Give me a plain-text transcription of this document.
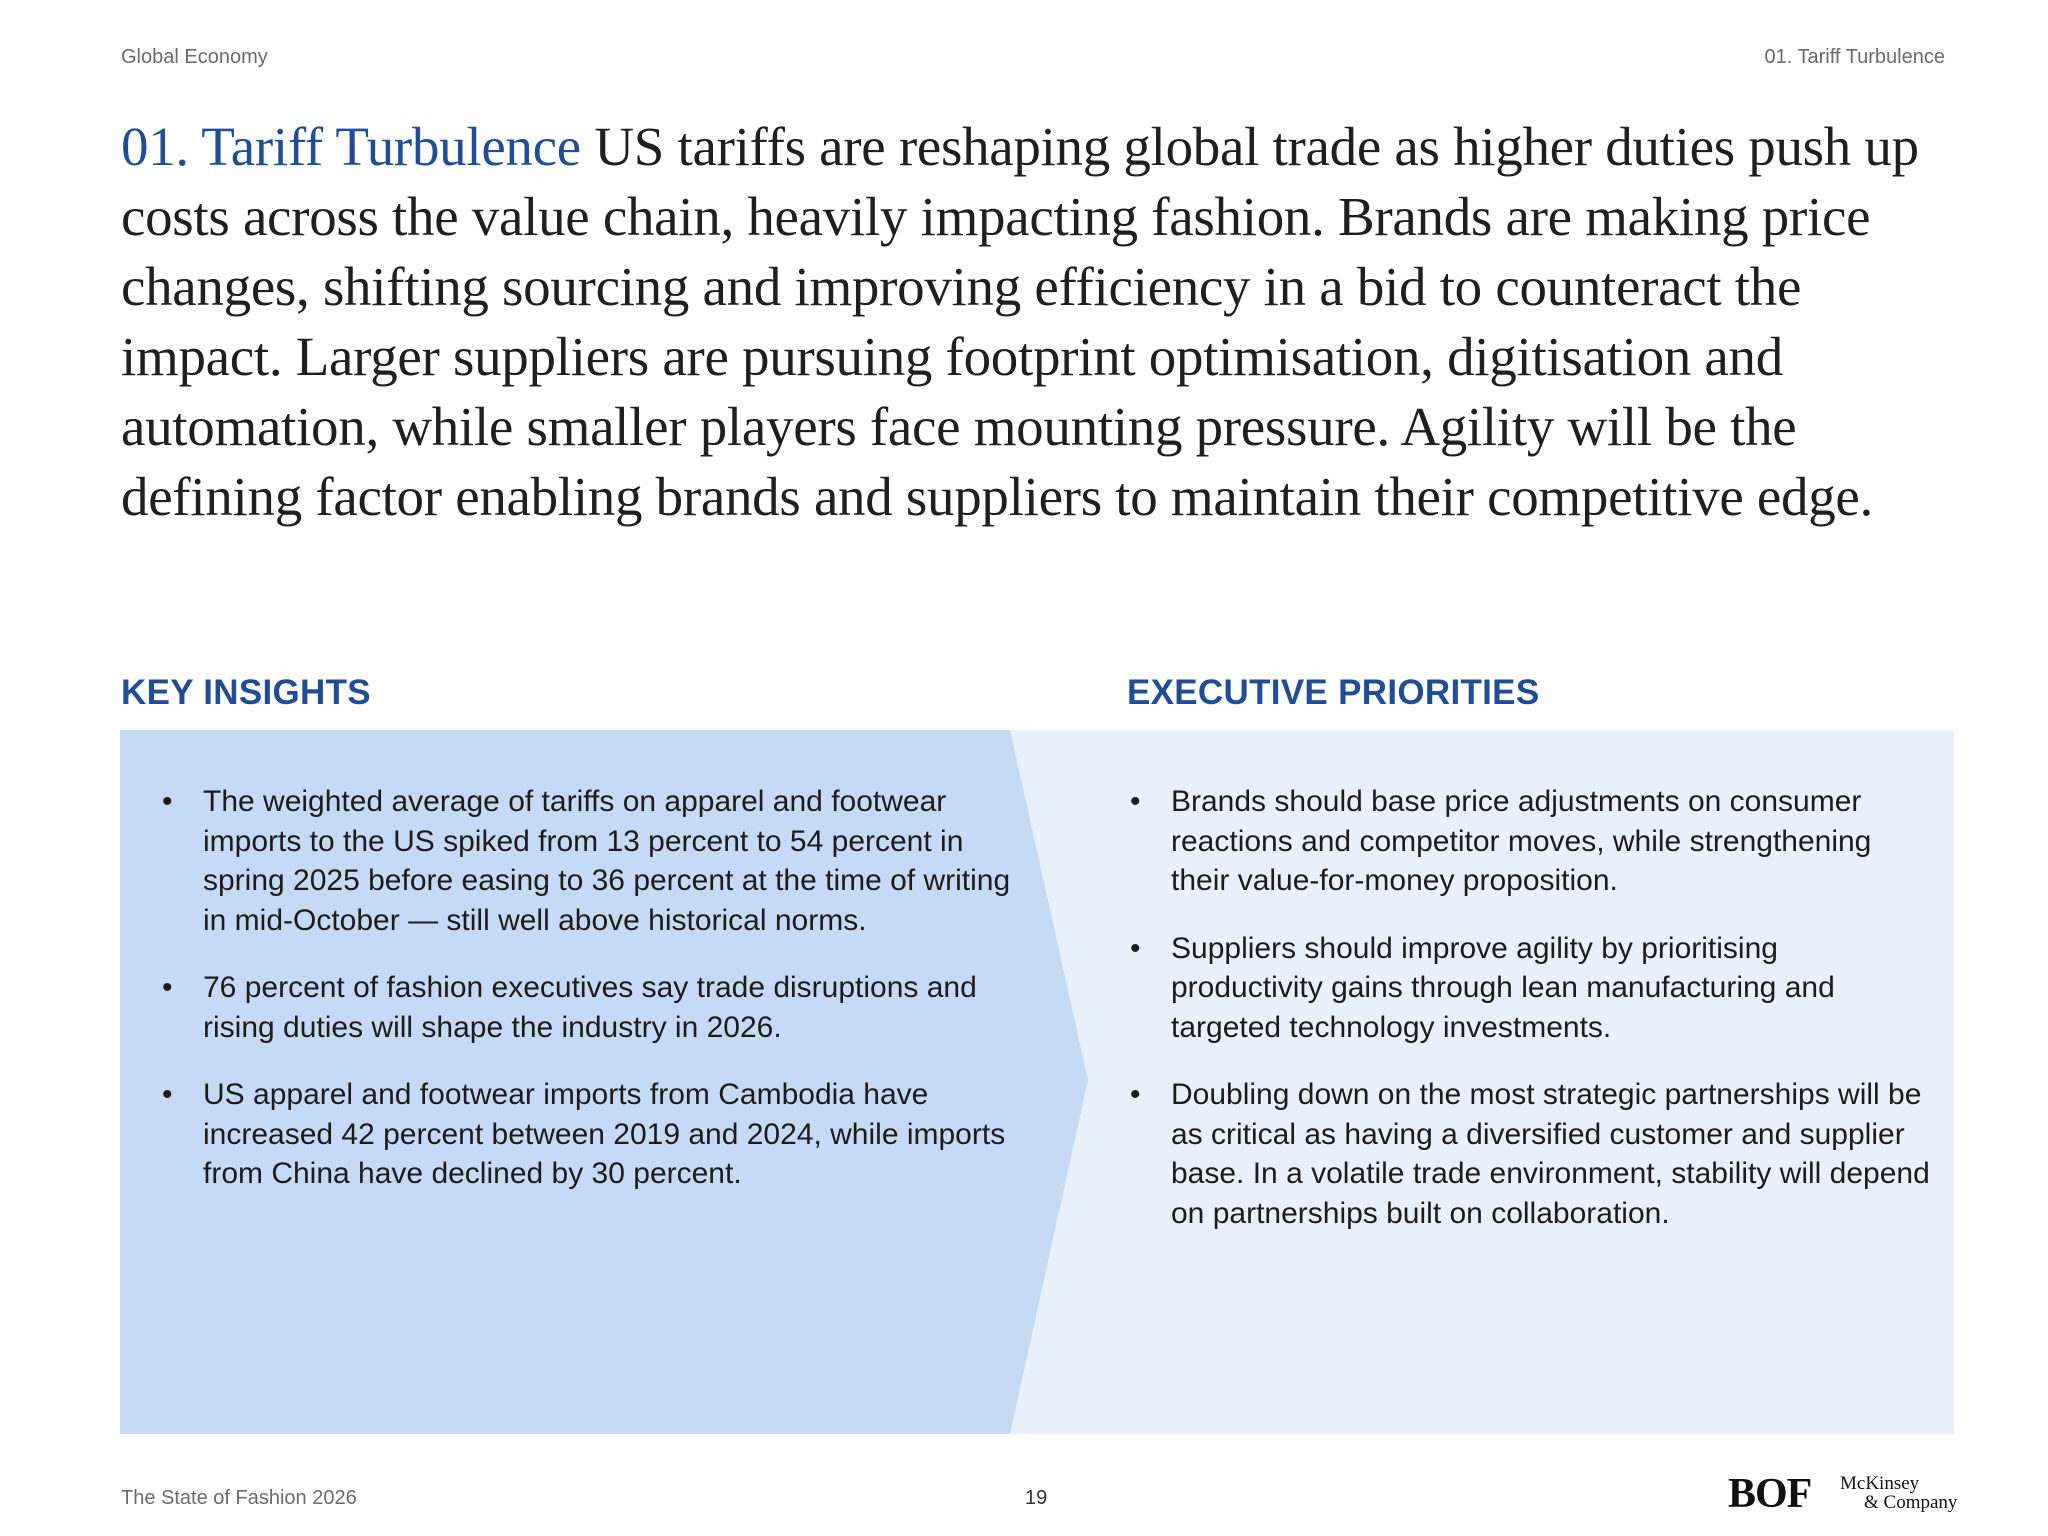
Global Economy	01. Tariff Turbulence

01. Tariff Turbulence US tariffs are reshaping global trade as higher duties push up costs across the value chain, heavily impacting fashion. Brands are making price changes, shifting sourcing and improving efficiency in a bid to counteract the impact. Larger suppliers are pursuing footprint optimisation, digitisation and automation, while smaller players face mounting pressure. Agility will be the defining factor enabling brands and suppliers to maintain their competitive edge.

KEY INSIGHTS	EXECUTIVE PRIORITIES
• The weighted average of tariffs on apparel and footwear imports to the US spiked from 13 percent to 54 percent in spring 2025 before easing to 36 percent at the time of writing in mid-October — still well above historical norms.
• 76 percent of fashion executives say trade disruptions and rising duties will shape the industry in 2026.
• US apparel and footwear imports from Cambodia have increased 42 percent between 2019 and 2024, while imports from China have declined by 30 percent.
• Brands should base price adjustments on consumer reactions and competitor moves, while strengthening their value-for-money proposition.
• Suppliers should improve agility by prioritising productivity gains through lean manufacturing and targeted technology investments.
• Doubling down on the most strategic partnerships will be as critical as having a diversified customer and supplier base. In a volatile trade environment, stability will depend on partnerships built on collaboration.
The State of Fashion 2026	19	BOF McKinsey
& Company
